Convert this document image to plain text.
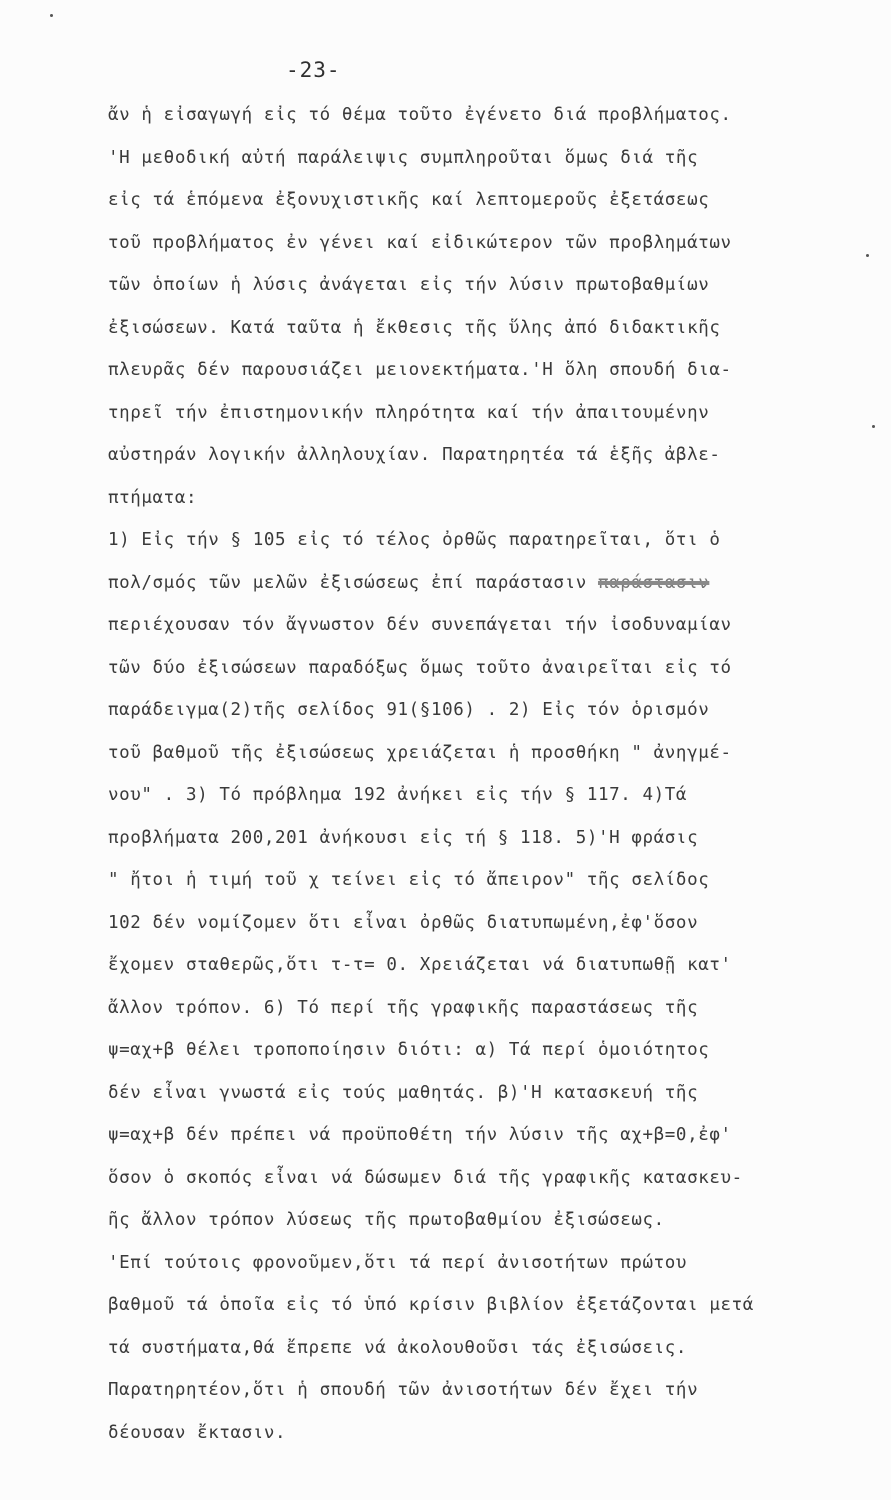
-23-
ἄν ἡ εἰσαγωγή εἰς τό θέμα τοῦτο ἐγένετο διά προβλήματος.
'Η μεθοδική αὐτή παράλειψις συμπληροῦται ὅμως διά τῆς
εἰς τά ἑπόμενα ἐξονυχιστικῆς καί λεπτομεροῦς ἐξετάσεως
τοῦ προβλήματος ἐν γένει καί εἰδικώτερον τῶν προβλημάτων
τῶν ὁποίων ἡ λύσις ἀνάγεται εἰς τήν λύσιν πρωτοβαθμίων
ἐξισώσεων. Κατά ταῦτα ἡ ἔκθεσις τῆς ὕλης ἀπό διδακτικῆς
πλευρᾶς δέν παρουσιάζει μειονεκτήματα.'Η ὅλη σπουδή δια-
τηρεῖ τήν ἐπιστημονικήν πληρότητα καί τήν ἀπαιτουμένην
αὐστηράν λογικήν ἀλληλουχίαν. Παρατηρητέα τά ἑξῆς ἀβλε-
πτήματα:
1) Εἰς τήν § 105 εἰς τό τέλος ὀρθῶς παρατηρεῖται, ὅτι ὁ
πολ/σμός τῶν μελῶν ἐξισώσεως ἐπί παράστασιν παράστασιν
περιέχουσαν τόν ἄγνωστον δέν συνεπάγεται τήν ἰσοδυναμίαν
τῶν δύο ἐξισώσεων παραδόξως ὅμως τοῦτο ἀναιρεῖται εἰς τό
παράδειγμα(2)τῆς σελίδος 91(§106) . 2) Εἰς τόν ὁρισμόν
τοῦ βαθμοῦ τῆς ἐξισώσεως χρειάζεται ἡ προσθήκη " ἀνηγμέ-
νου" . 3) Τό πρόβλημα 192 ἀνήκει εἰς τήν § 117. 4)Τά
προβλήματα 200,201 ἀνήκουσι εἰς τή § 118. 5)'Η φράσις
" ἤτοι ἡ τιμή τοῦ χ τείνει εἰς τό ἄπειρον" τῆς σελίδος
102 δέν νομίζομεν ὅτι εἶναι ὀρθῶς διατυπωμένη,ἐφ'ὅσον
ἔχομεν σταθερῶς,ὅτι τ-τ= 0. Χρειάζεται νά διατυπωθῇ κατ'
ἄλλον τρόπον. 6) Τό περί τῆς γραφικῆς παραστάσεως τῆς
ψ=αχ+β θέλει τροποποίησιν διότι: α) Τά περί ὁμοιότητος
δέν εἶναι γνωστά εἰς τούς μαθητάς. β)'Η κατασκευή τῆς
ψ=αχ+β δέν πρέπει νά προϋποθέτη τήν λύσιν τῆς αχ+β=0,ἐφ'
ὅσον ὁ σκοπός εἶναι νά δώσωμεν διά τῆς γραφικῆς κατασκευ-
ῆς ἄλλον τρόπον λύσεως τῆς πρωτοβαθμίου ἐξισώσεως.
'Επί τούτοις φρονοῦμεν,ὅτι τά περί ἀνισοτήτων πρώτου
βαθμοῦ τά ὁποῖα εἰς τό ὑπό κρίσιν βιβλίον ἐξετάζονται μετά
τά συστήματα,θά ἔπρεπε νά ἀκολουθοῦσι τάς ἐξισώσεις.
Παρατηρητέον,ὅτι ἡ σπουδή τῶν ἀνισοτήτων δέν ἔχει τήν
δέουσαν ἔκτασιν.
